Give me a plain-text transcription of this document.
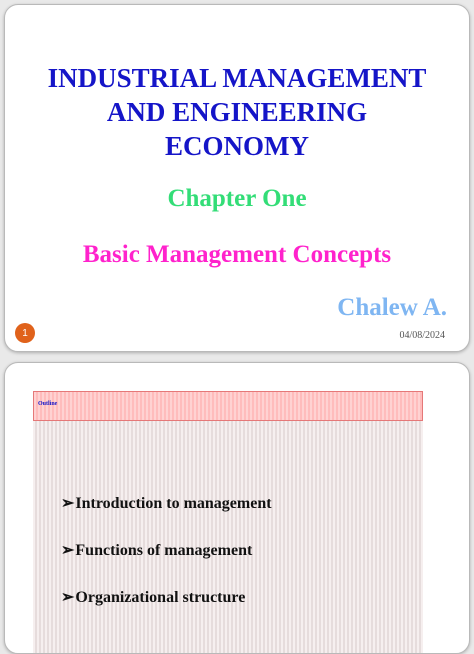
INDUSTRIAL MANAGEMENT
AND ENGINEERING
ECONOMY
Chapter One
Basic Management Concepts
Chalew A.
1	04/08/2024
Outline
➢Introduction to management
➢Functions of management
➢Organizational structure
